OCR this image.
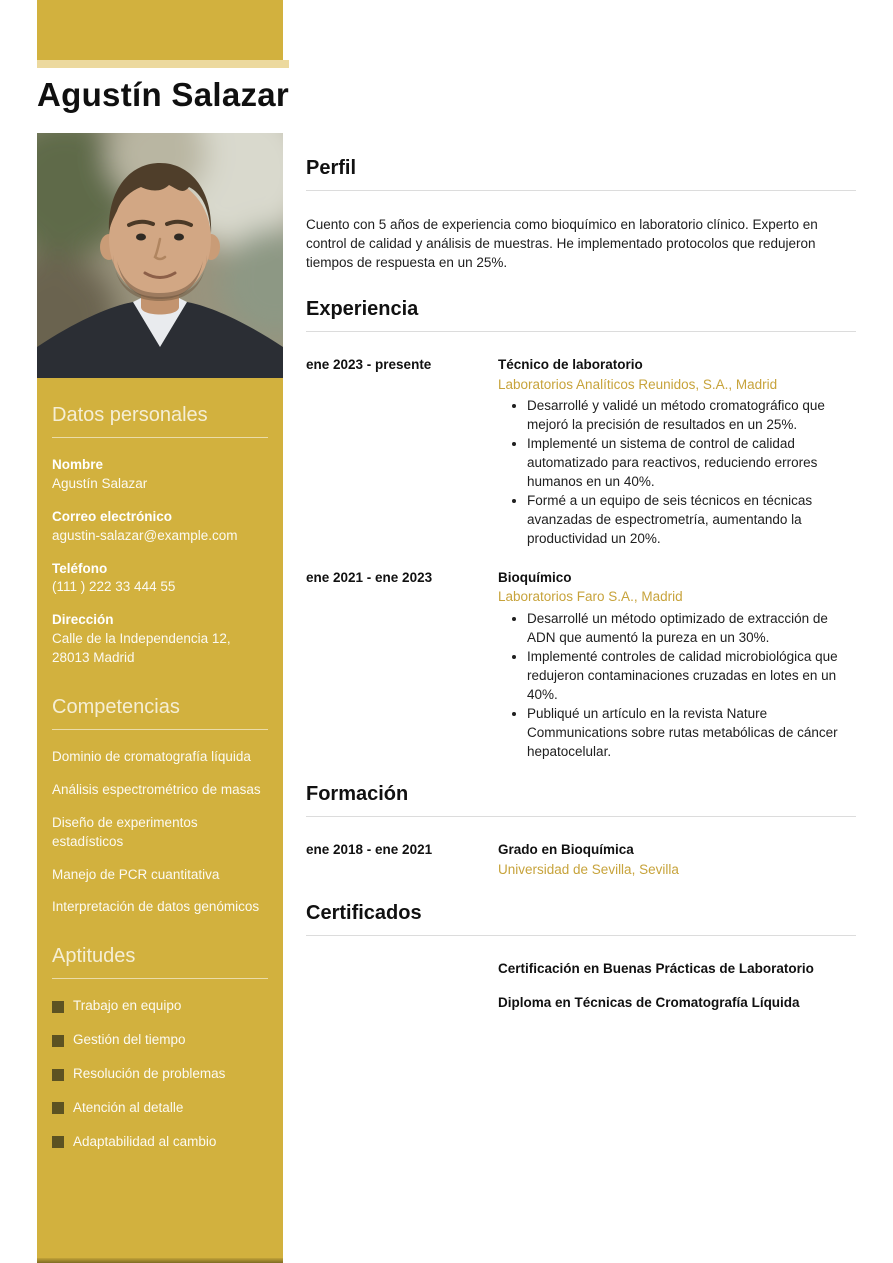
Agustín Salazar
Datos personales
Nombre
Agustín Salazar
Correo electrónico
agustin-salazar@example.com
Teléfono
(111 ) 222 33 444 55
Dirección
Calle de la Independencia 12, 28013 Madrid
Competencias
Dominio de cromatografía líquida
Análisis espectrométrico de masas
Diseño de experimentos estadísticos
Manejo de PCR cuantitativa
Interpretación de datos genómicos
Aptitudes
Trabajo en equipo
Gestión del tiempo
Resolución de problemas
Atención al detalle
Adaptabilidad al cambio
Perfil

Cuento con 5 años de experiencia como bioquímico en laboratorio clínico. Experto en control de calidad y análisis de muestras. He implementado protocolos que redujeron tiempos de respuesta en un 25%.

Experiencia
ene 2023 - presente	Técnico de laboratorio
Laboratorios Analíticos Reunidos, S.A., Madrid
• Desarrollé y validé un método cromatográfico que mejoró la precisión de resultados en un 25%.
• Implementé un sistema de control de calidad automatizado para reactivos, reduciendo errores humanos en un 40%.
• Formé a un equipo de seis técnicos en técnicas avanzadas de espectrometría, aumentando la productividad un 20%.
ene 2021 - ene 2023	Bioquímico
Laboratorios Faro S.A., Madrid
• Desarrollé un método optimizado de extracción de ADN que aumentó la pureza en un 30%.
• Implementé controles de calidad microbiológica que redujeron contaminaciones cruzadas en lotes en un 40%.
• Publiqué un artículo en la revista Nature Communications sobre rutas metabólicas de cáncer hepatocelular.
Formación
ene 2018 - ene 2021	Grado en Bioquímica
Universidad de Sevilla, Sevilla
Certificados
Certificación en Buenas Prácticas de Laboratorio
Diploma en Técnicas de Cromatografía Líquida
